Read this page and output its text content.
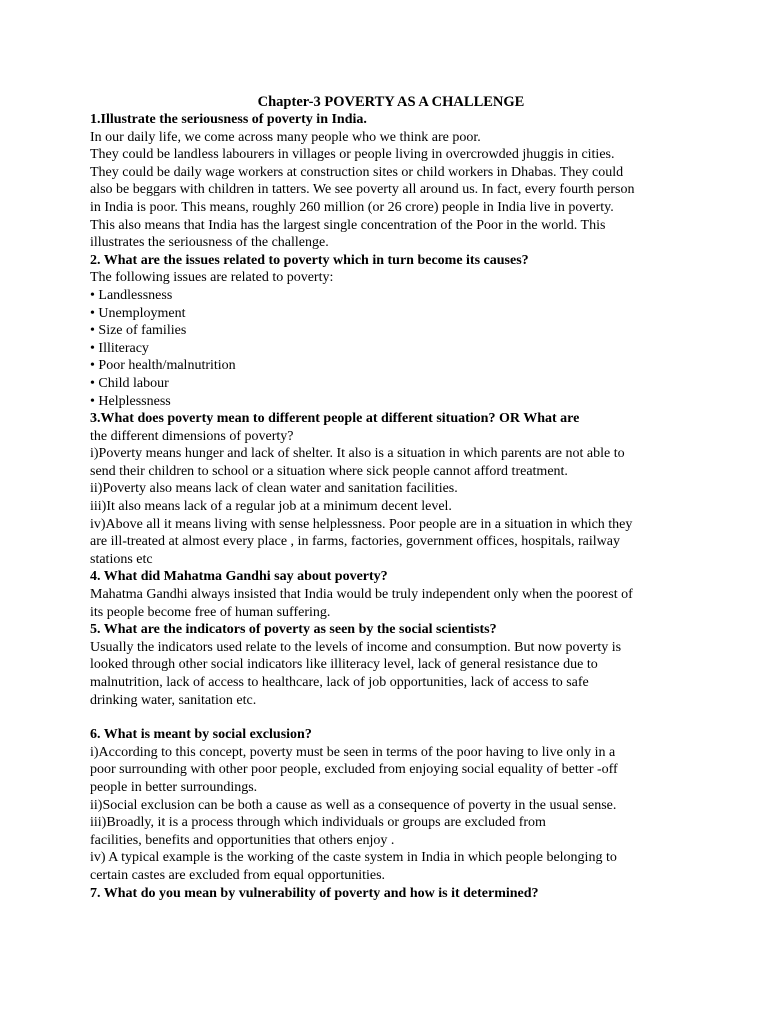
Chapter-3 POVERTY AS A CHALLENGE
1.Illustrate the seriousness of poverty in India.
In our daily life, we come across many people who we think are poor.
They could be landless labourers in villages or people living in overcrowded jhuggis in cities.
They could be daily wage workers at construction sites or child workers in Dhabas. They could
also be beggars with children in tatters. We see poverty all around us. In fact, every fourth person
in India is poor. This means, roughly 260 million (or 26 crore) people in India live in poverty.
This also means that India has the largest single concentration of the Poor in the world. This
illustrates the seriousness of the challenge.
2. What are the issues related to poverty which in turn become its causes?
The following issues are related to poverty:
• Landlessness
• Unemployment
• Size of families
• Illiteracy
• Poor health/malnutrition
• Child labour
• Helplessness
3.What does poverty mean to different people at different situation? OR What are
the different dimensions of poverty?
i)Poverty means hunger and lack of shelter. It also is a situation in which parents are not able to
send their children to school or a situation where sick people cannot afford treatment.
ii)Poverty also means lack of clean water and sanitation facilities.
iii)It also means lack of a regular job at a minimum decent level.
iv)Above all it means living with sense helplessness. Poor people are in a situation in which they
are ill-treated at almost every place , in farms, factories, government offices, hospitals, railway
stations etc
4. What did Mahatma Gandhi say about poverty?
Mahatma Gandhi always insisted that India would be truly independent only when the poorest of
its people become free of human suffering.
5. What are the indicators of poverty as seen by the social scientists?
Usually the indicators used relate to the levels of income and consumption. But now poverty is
looked through other social indicators like illiteracy level, lack of general resistance due to
malnutrition, lack of access to healthcare, lack of job opportunities, lack of access to safe
drinking water, sanitation etc.
6. What is meant by social exclusion?
i)According to this concept, poverty must be seen in terms of the poor having to live only in a
poor surrounding with other poor people, excluded from enjoying social equality of better -off
people in better surroundings.
ii)Social exclusion can be both a cause as well as a consequence of poverty in the usual sense.
iii)Broadly, it is a process through which individuals or groups are excluded from
facilities, benefits and opportunities that others enjoy .
iv) A typical example is the working of the caste system in India in which people belonging to
certain castes are excluded from equal opportunities.
7. What do you mean by vulnerability of poverty and how is it determined?
